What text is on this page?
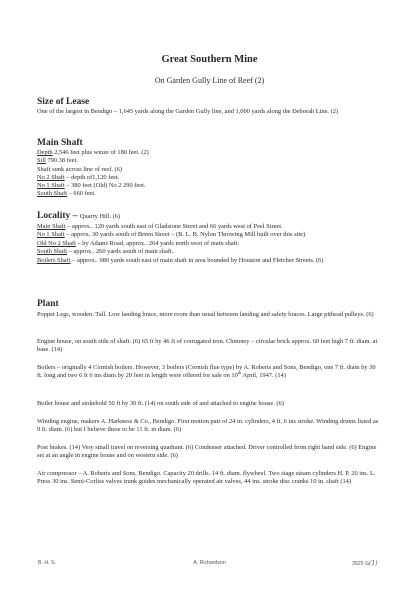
Great Southern Mine
On Garden Gully Line of Reef (2)
Size of Lease
One of the largest in Bendigo – 1,645 yards along the Garden Gully line, and 1,000 yards along the Deborah Line. (2)
Main Shaft
Depth 2,546 feet plus winze of 180 feet. (2)
Sill 790.38 feet.
Shaft sunk across line of reef. (6)
No 2 Shaft – depth of1,120 feet.
No 1 Shaft – 380 feet (Old) No 2 290 feet.
South Shaft – 660 feet.
Locality – Quarry Hill. (6)
Main Shaft – approx.. 120 yards south east of Gladstone Street and 66 yards west of Peel Street.
No 1 Shaft – approx. 30 yards south of Breen Street – (B. L. B. Nylon Throwing Mill built over this site).
Old No 2 Shaft – by Adams Road, approx.. 264 yards north west of main shaft.
South Shaft – approx.. 260 yards south of main shaft.
Boilers Shaft – approx.. 980 yards south east of main shaft in area bounded by Houston and Fletcher Streets. (6)
Plant
Poppet Legs, wooden. Tall. Low landing brace, more room than usual between landing and safety braces. Large pithead pulleys. (6)
Engine house, on south side of shaft. (6) 65 ft by 46 ft of corrugated iron. Chimney – circular brick approx. 60 feet high 7 ft. diam. at base. (14)
Boilers – originally 4 Cornish boilers. However, 3 boilers (Cornish flue type) by A. Roberts and Sons, Bendigo, one 7 ft. diam by 30 ft. long and two 6 ft 6 ins diam by 20 feet in length were offered for sale on 10th April, 1947. (14)
Boiler house and stokehold 50 ft by 30 ft. (14) on south side of and attached to engine house. (6)
Winding engine, makers A. Harkness & Co., Bendigo. First motion pair of 24 in. cylinders, 4 ft. 6 ins stroke. Winding drums listed as 9 ft. diam. (6) but I believe these to be 11 ft. in diam. (6)
Post brakes. (14) Very small travel on reversing quadrant. (6) Condenser attached. Driver controlled from right hand side. (6) Engine set at an angle in engine house and on western side. (6)
Air compressor – A. Roberts and Sons, Bendigo. Capacity 20 drills. 14 ft. diam. flywheel. Two stage steam cylinders H. P. 20 ins. L. Press 30 ins. Semi-Corliss valves trunk guides mechanically operated air valves, 44 ins. stroke disc cranks 10 in. shaft (14)
B. H. S.	A. Richardson	3525 G(1)
